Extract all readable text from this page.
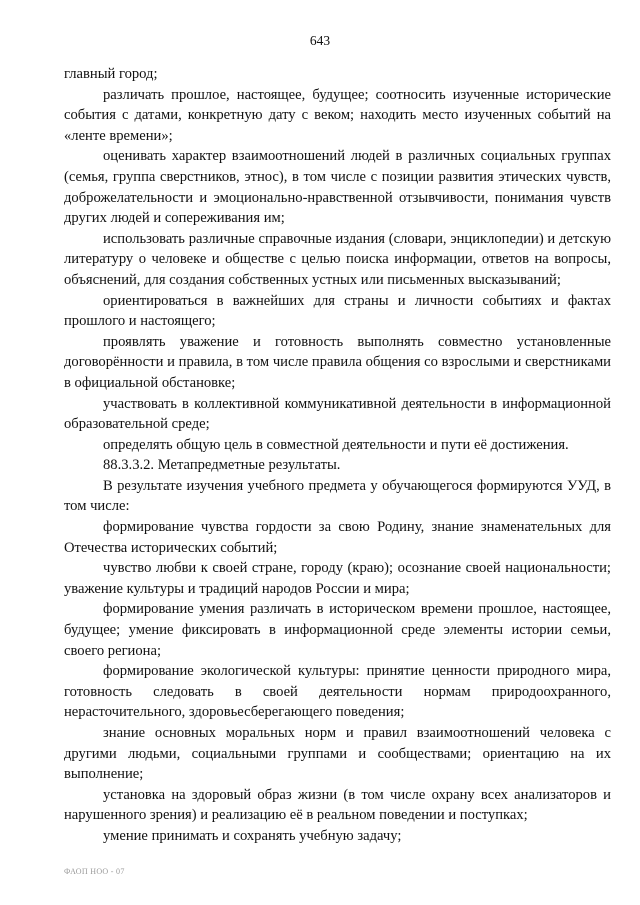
643

главный город;

различать прошлое, настоящее, будущее; соотносить изученные исторические события с датами, конкретную дату с веком; находить место изученных событий на «ленте времени»;

оценивать характер взаимоотношений людей в различных социальных группах (семья, группа сверстников, этнос), в том числе с позиции развития этических чувств, доброжелательности и эмоционально-нравственной отзывчивости, понимания чувств других людей и сопереживания им;

использовать различные справочные издания (словари, энциклопедии) и детскую литературу о человеке и обществе с целью поиска информации, ответов на вопросы, объяснений, для создания собственных устных или письменных высказываний;

ориентироваться в важнейших для страны и личности событиях и фактах прошлого и настоящего;

проявлять уважение и готовность выполнять совместно установленные договорённости и правила, в том числе правила общения со взрослыми и сверстниками в официальной обстановке;

участвовать в коллективной коммуникативной деятельности в информационной образовательной среде;

определять общую цель в совместной деятельности и пути её достижения.

88.3.3.2. Метапредметные результаты.

В результате изучения учебного предмета у обучающегося формируются УУД, в том числе:

формирование чувства гордости за свою Родину, знание знаменательных для Отечества исторических событий;

чувство любви к своей стране, городу (краю); осознание своей национальности; уважение культуры и традиций народов России и мира;

формирование умения различать в историческом времени прошлое, настоящее, будущее; умение фиксировать в информационной среде элементы истории семьи, своего региона;

формирование экологической культуры: принятие ценности природного мира, готовность следовать в своей деятельности нормам природоохранного, нерасточительного, здоровьесберегающего поведения;

знание основных моральных норм и правил взаимоотношений человека с другими людьми, социальными группами и сообществами; ориентацию на их выполнение;

установка на здоровый образ жизни (в том числе охрану всех анализаторов и нарушенного зрения) и реализацию её в реальном поведении и поступках;

умение принимать и сохранять учебную задачу;

ФАОП НОО - 07
